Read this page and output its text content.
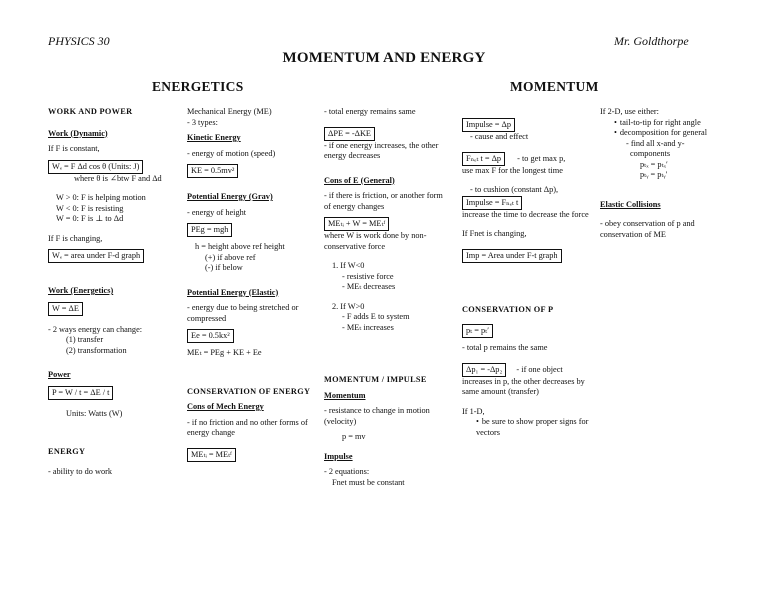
PHYSICS 30	Mr. Goldthorpe
MOMENTUM AND ENERGY
ENERGETICS	MOMENTUM

WORK AND POWER

Work (Dynamic)

If F is constant,

Wₑ = F Δd cos θ (Units: J)

where θ is ∠btw F and Δd

W > 0: F is helping motion

W < 0: F is resisting

W = 0: F is ⊥ to Δd

If F is changing,

Wₑ = area under F-d graph

Work (Energetics)

W = ΔE

- 2 ways energy can change:

(1) transfer

(2) transformation

Power

P = W / t = ΔE / t

Units: Watts (W)

ENERGY

- ability to do work

Mechanical Energy (ME)

- 3 types:

Kinetic Energy

- energy of motion (speed)

KE = 0.5mv²

Potential Energy (Grav)

- energy of height

PEg = mgh

h = height above ref height

(+) if above ref

(-) if below

Potential Energy (Elastic)

- energy due to being stretched or compressed

Ee = 0.5kx²

MEₜ = PEg + KE + Ee

CONSERVATION OF ENERGY

Cons of Mech Energy

- if no friction and no other forms of energy change

MEₜᵢ = MEₜᶠ

- total energy remains same

ΔPE = -ΔKE

- if one energy increases, the other energy decreases

Cons of E (General)

- if there is friction, or another form of energy changes

MEₜᵢ + W = MEₜᶠ

where W is work done by non-conservative force

1. If W<0

- resistive force

- MEₜ decreases

2. If W>0

- F adds E to system

- MEₜ increases

MOMENTUM / IMPULSE

Momentum

- resistance to change in motion (velocity)

p = mv

Impulse

- 2 equations:

Fnet must be constant

Impulse = Δp

- cause and effect

Fₙₑₜ t = Δp - to get max p,

use max F for the longest time

- to cushion (constant Δp),

Impulse = Fₙₑₜ t

increase the time to decrease the force

If Fnet is changing,

Imp = Area under F-t graph

CONSERVATION OF P

pₜ = pₜ′

- total p remains the same

Δp₁ = -Δp₂ - if one object

increases in p, the other decreases by same amount (transfer)

If 1-D,

• be sure to show proper signs for vectors

If 2-D, use either:

• tail-to-tip for right angle
• decomposition for general

- find all x-and y-

components

pₜₓ = pₜₓ′

pₜᵧ = pₜᵧ′

Elastic Collisions

- obey conservation of p and conservation of ME
